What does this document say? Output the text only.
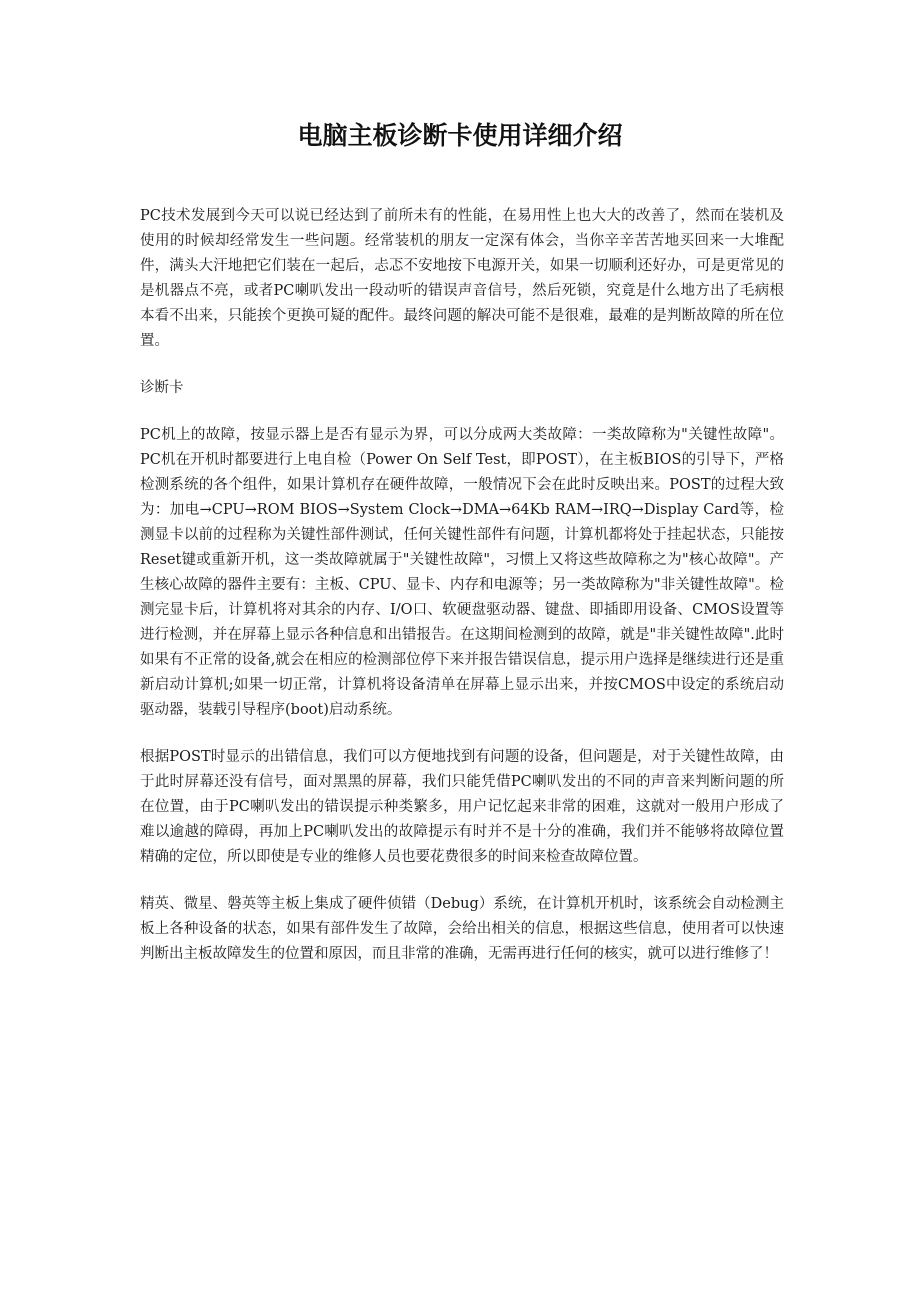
电脑主板诊断卡使用详细介绍

PC技术发展到今天可以说已经达到了前所未有的性能，在易用性上也大大的改善了，然而在装机及使用的时候却经常发生一些问题。经常装机的朋友一定深有体会，当你辛辛苦苦地买回来一大堆配件，满头大汗地把它们装在一起后，忐忑不安地按下电源开关，如果一切顺利还好办，可是更常见的是机器点不亮，或者PC喇叭发出一段动听的错误声音信号，然后死锁，究竟是什么地方出了毛病根本看不出来，只能挨个更换可疑的配件。最终问题的解决可能不是很难，最难的是判断故障的所在位置。

诊断卡

PC机上的故障，按显示器上是否有显示为界，可以分成两大类故障：一类故障称为"关键性故障"。PC机在开机时都要进行上电自检（Power On Self Test，即POST），在主板BIOS的引导下，严格检测系统的各个组件，如果计算机存在硬件故障，一般情况下会在此时反映出来。POST的过程大致为：加电→CPU→ROM BIOS→System Clock→DMA→64Kb RAM→IRQ→Display Card等，检测显卡以前的过程称为关键性部件测试，任何关键性部件有问题，计算机都将处于挂起状态，只能按Reset键或重新开机，这一类故障就属于"关键性故障"，习惯上又将这些故障称之为"核心故障"。产生核心故障的器件主要有：主板、CPU、显卡、内存和电源等；另一类故障称为"非关键性故障"。检测完显卡后，计算机将对其余的内存、I/O口、软硬盘驱动器、键盘、即插即用设备、CMOS设置等进行检测，并在屏幕上显示各种信息和出错报告。在这期间检测到的故障，就是"非关键性故障".此时如果有不正常的设备,就会在相应的检测部位停下来并报告错误信息，提示用户选择是继续进行还是重新启动计算机;如果一切正常，计算机将设备清单在屏幕上显示出来，并按CMOS中设定的系统启动驱动器，装载引导程序(boot)启动系统。

根据POST时显示的出错信息，我们可以方便地找到有问题的设备，但问题是，对于关键性故障，由于此时屏幕还没有信号，面对黑黑的屏幕，我们只能凭借PC喇叭发出的不同的声音来判断问题的所在位置，由于PC喇叭发出的错误提示种类繁多，用户记忆起来非常的困难，这就对一般用户形成了难以逾越的障碍，再加上PC喇叭发出的故障提示有时并不是十分的准确，我们并不能够将故障位置精确的定位，所以即使是专业的维修人员也要花费很多的时间来检查故障位置。

精英、微星、磐英等主板上集成了硬件侦错（Debug）系统，在计算机开机时，该系统会自动检测主板上各种设备的状态，如果有部件发生了故障，会给出相关的信息，根据这些信息，使用者可以快速判断出主板故障发生的位置和原因，而且非常的准确，无需再进行任何的核实，就可以进行维修了！
